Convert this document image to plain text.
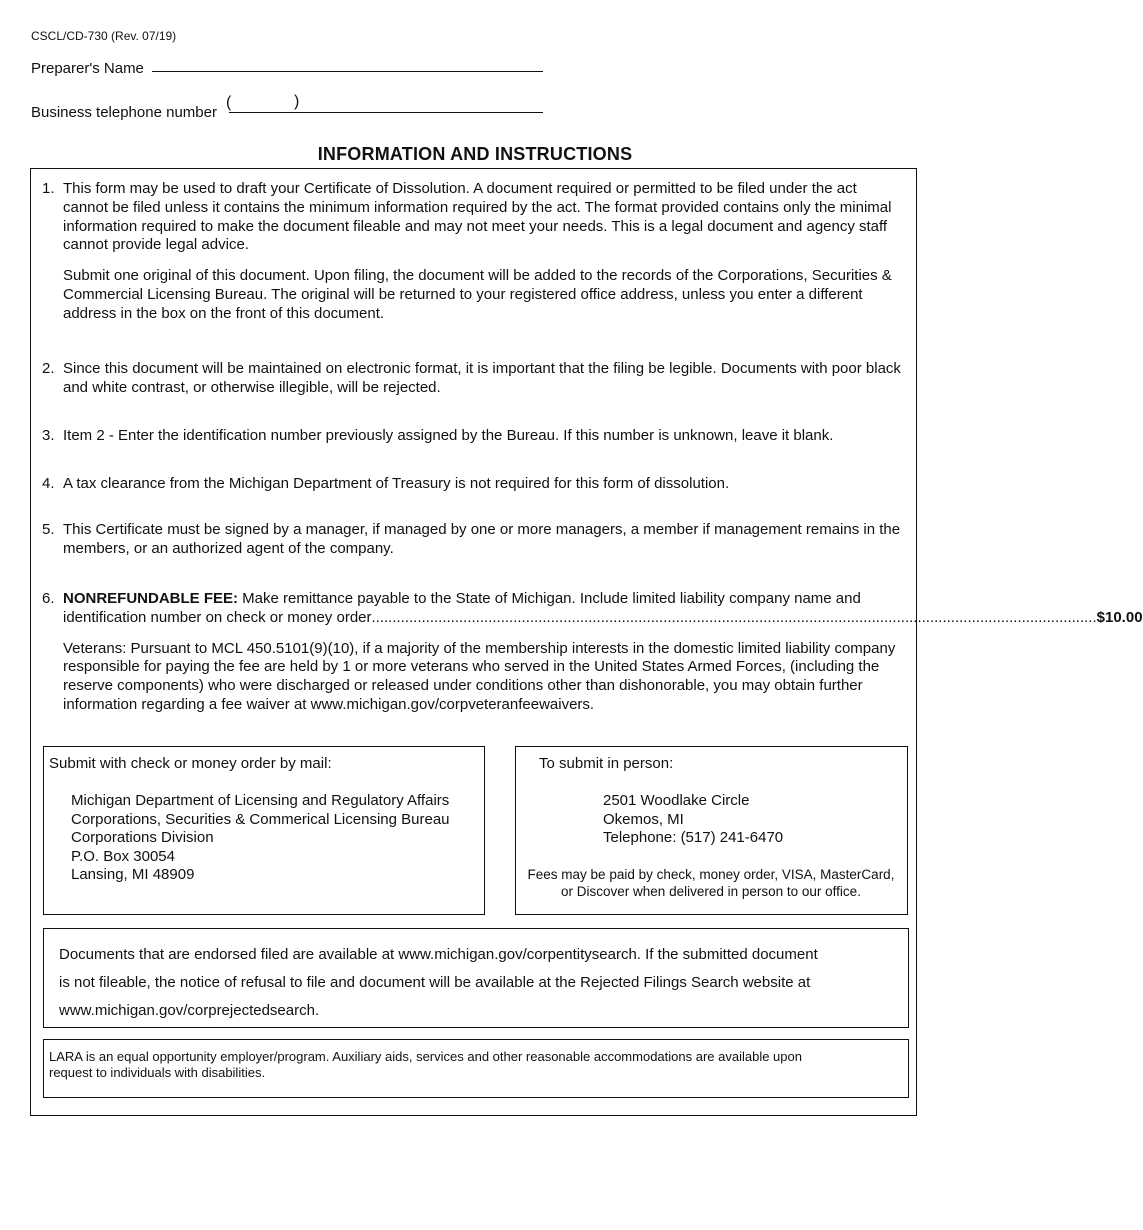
CSCL/CD-730 (Rev. 07/19)
Preparer's Name
Business telephone number
(	)
INFORMATION AND INSTRUCTIONS
1. This form may be used to draft your Certificate of Dissolution. A document required or permitted to be filed under the act cannot be filed unless it contains the minimum information required by the act. The format provided contains only the minimal information required to make the document fileable and may not meet your needs. This is a legal document and agency staff cannot provide legal advice.

Submit one original of this document. Upon filing, the document will be added to the records of the Corporations, Securities & Commercial Licensing Bureau. The original will be returned to your registered office address, unless you enter a different address in the box on the front of this document.

2. Since this document will be maintained on electronic format, it is important that the filing be legible. Documents with poor black and white contrast, or otherwise illegible, will be rejected.

3. Item 2 - Enter the identification number previously assigned by the Bureau. If this number is unknown, leave it blank.

4. A tax clearance from the Michigan Department of Treasury is not required for this form of dissolution.

5. This Certificate must be signed by a manager, if managed by one or more managers, a member if management remains in the members, or an authorized agent of the company.

6. NONREFUNDABLE FEE: Make remittance payable to the State of Michigan. Include limited liability company name and

identification number on check or money order .............................................................................................................................................................................. $10.00

Veterans: Pursuant to MCL 450.5101(9)(10), if a majority of the membership interests in the domestic limited liability company responsible for paying the fee are held by 1 or more veterans who served in the United States Armed Forces, (including the reserve components) who were discharged or released under conditions other than dishonorable, you may obtain further information regarding a fee waiver at www.michigan.gov/corpveteranfeewaivers.

Submit with check or money order by mail:

Michigan Department of Licensing and Regulatory Affairs

Corporations, Securities & Commerical Licensing Bureau

Corporations Division

P.O. Box 30054

Lansing, MI 48909

To submit in person:

2501 Woodlake Circle

Okemos, MI

Telephone: (517) 241-6470

Fees may be paid by check, money order, VISA, MasterCard,

or Discover when delivered in person to our office.

Documents that are endorsed filed are available at www.michigan.gov/corpentitysearch. If the submitted document

is not fileable, the notice of refusal to file and document will be available at the Rejected Filings Search website at

www.michigan.gov/corprejectedsearch.

LARA is an equal opportunity employer/program. Auxiliary aids, services and other reasonable accommodations are available upon

request to individuals with disabilities.
